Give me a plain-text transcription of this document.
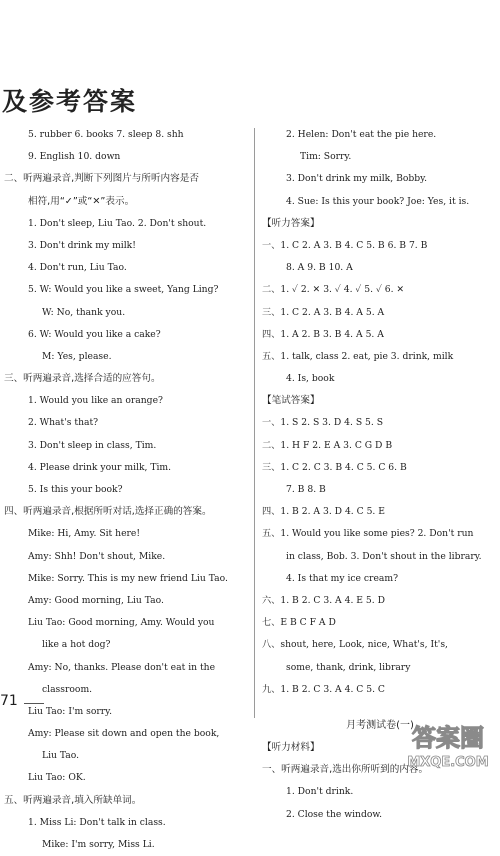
及参考答案
5. rubber 6. books 7. sleep 8. shh
9. English 10. down
二、听两遍录音,判断下列图片与所听内容是否
相符,用“✓”或“✕”表示。
1. Don't sleep, Liu Tao. 2. Don't shout.
3. Don't drink my milk!
4. Don't run, Liu Tao.
5. W: Would you like a sweet, Yang Ling?
W: No, thank you.
6. W: Would you like a cake?
M: Yes, please.
三、听两遍录音,选择合适的应答句。
1. Would you like an orange?
2. What's that?
3. Don't sleep in class, Tim.
4. Please drink your milk, Tim.
5. Is this your book?
四、听两遍录音,根据所听对话,选择正确的答案。
Mike: Hi, Amy. Sit here!
Amy: Shh! Don't shout, Mike.
Mike: Sorry. This is my new friend Liu Tao.
Amy: Good morning, Liu Tao.
Liu Tao: Good morning, Amy. Would you
like a hot dog?
Amy: No, thanks. Please don't eat in the
classroom.
Liu Tao: I'm sorry.
Amy: Please sit down and open the book,
Liu Tao.
Liu Tao: OK.
五、听两遍录音,填入所缺单词。
1. Miss Li: Don't talk in class.
Mike: I'm sorry, Miss Li.
2. Helen: Don't eat the pie here.
Tim: Sorry.
3. Don't drink my milk, Bobby.
4. Sue: Is this your book? Joe: Yes, it is.
【听力答案】
一、1. C 2. A 3. B 4. C 5. B 6. B 7. B
8. A 9. B 10. A
二、1. ✓ 2. ✕ 3. ✓ 4. ✓ 5. ✓ 6. ✕
三、1. C 2. A 3. B 4. A 5. A
四、1. A 2. B 3. B 4. A 5. A
五、1. talk, class 2. eat, pie 3. drink, milk
4. Is, book
【笔试答案】
一、1. S 2. S 3. D 4. S 5. S
二、1. H F 2. E A 3. C G D B
三、1. C 2. C 3. B 4. C 5. C 6. B
7. B 8. B
四、1. B 2. A 3. D 4. C 5. E
五、1. Would you like some pies? 2. Don't run
in class, Bob. 3. Don't shout in the library.
4. Is that my ice cream?
六、1. B 2. C 3. A 4. E 5. D
七、E B C F A D
八、shout, here, Look, nice, What's, It's,
some, thank, drink, library
九、1. B 2. C 3. A 4. C 5. C
月考测试卷(一)
【听力材料】
一、听两遍录音,选出你所听到的内容。
1. Don't drink.
2. Close the window.
71
答案圈
MXQE.COM
